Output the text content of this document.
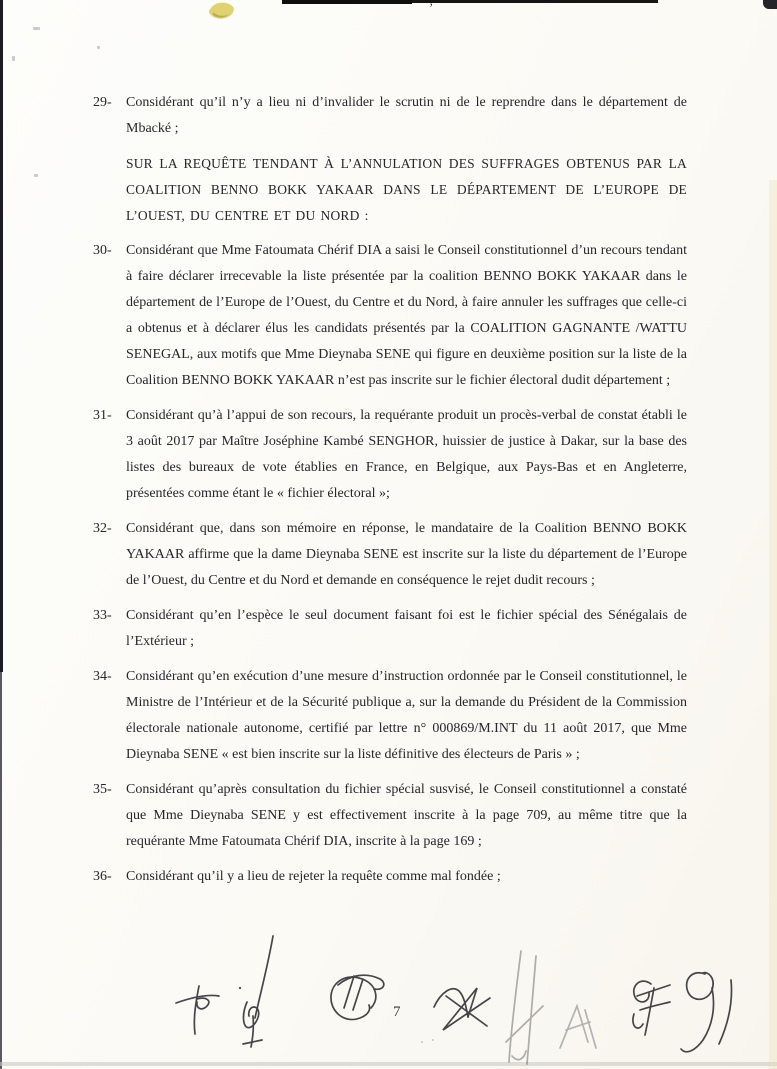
’

29- Considérant qu’il n’y a lieu ni d’invalider le scrutin ni de le reprendre dans le département de Mbacké ;

SUR LA REQUÊTE TENDANT À L’ANNULATION DES SUFFRAGES OBTENUS PAR LA COALITION BENNO BOKK YAKAAR DANS LE DÉPARTEMENT DE L’EUROPE DE L’OUEST, DU CENTRE ET DU NORD :

30- Considérant que Mme Fatoumata Chérif DIA a saisi le Conseil constitutionnel d’un recours tendant à faire déclarer irrecevable la liste présentée par la coalition BENNO BOKK YAKAAR dans le département de l’Europe de l’Ouest, du Centre et du Nord, à faire annuler les suffrages que celle-ci a obtenus et à déclarer élus les candidats présentés par la COALITION GAGNANTE /WATTU SENEGAL, aux motifs que Mme Dieynaba SENE qui figure en deuxième position sur la liste de la Coalition BENNO BOKK YAKAAR n’est pas inscrite sur le fichier électoral dudit département ;

31- Considérant qu’à l’appui de son recours, la requérante produit un procès-verbal de constat établi le 3 août 2017 par Maître Joséphine Kambé SENGHOR, huissier de justice à Dakar, sur la base des listes des bureaux de vote établies en France, en Belgique, aux Pays-Bas et en Angleterre, présentées comme étant le « fichier électoral »;

32- Considérant que, dans son mémoire en réponse, le mandataire de la Coalition BENNO BOKK YAKAAR affirme que la dame Dieynaba SENE est inscrite sur la liste du département de l’Europe de l’Ouest, du Centre et du Nord et demande en conséquence le rejet dudit recours ;

33- Considérant qu’en l’espèce le seul document faisant foi est le fichier spécial des Sénégalais de l’Extérieur ;

34- Considérant qu’en exécution d’une mesure d’instruction ordonnée par le Conseil constitutionnel, le Ministre de l’Intérieur et de la Sécurité publique a, sur la demande du Président de la Commission électorale nationale autonome, certifié par lettre n° 000869/M.INT du 11 août 2017, que Mme Dieynaba SENE « est bien inscrite sur la liste définitive des électeurs de Paris » ;

35- Considérant qu’après consultation du fichier spécial susvisé, le Conseil constitutionnel a constaté que Mme Dieynaba SENE y est effectivement inscrite à la page 709, au même titre que la requérante Mme Fatoumata Chérif DIA, inscrite à la page 169 ;

36- Considérant qu’il y a lieu de rejeter la requête comme mal fondée ;

7
